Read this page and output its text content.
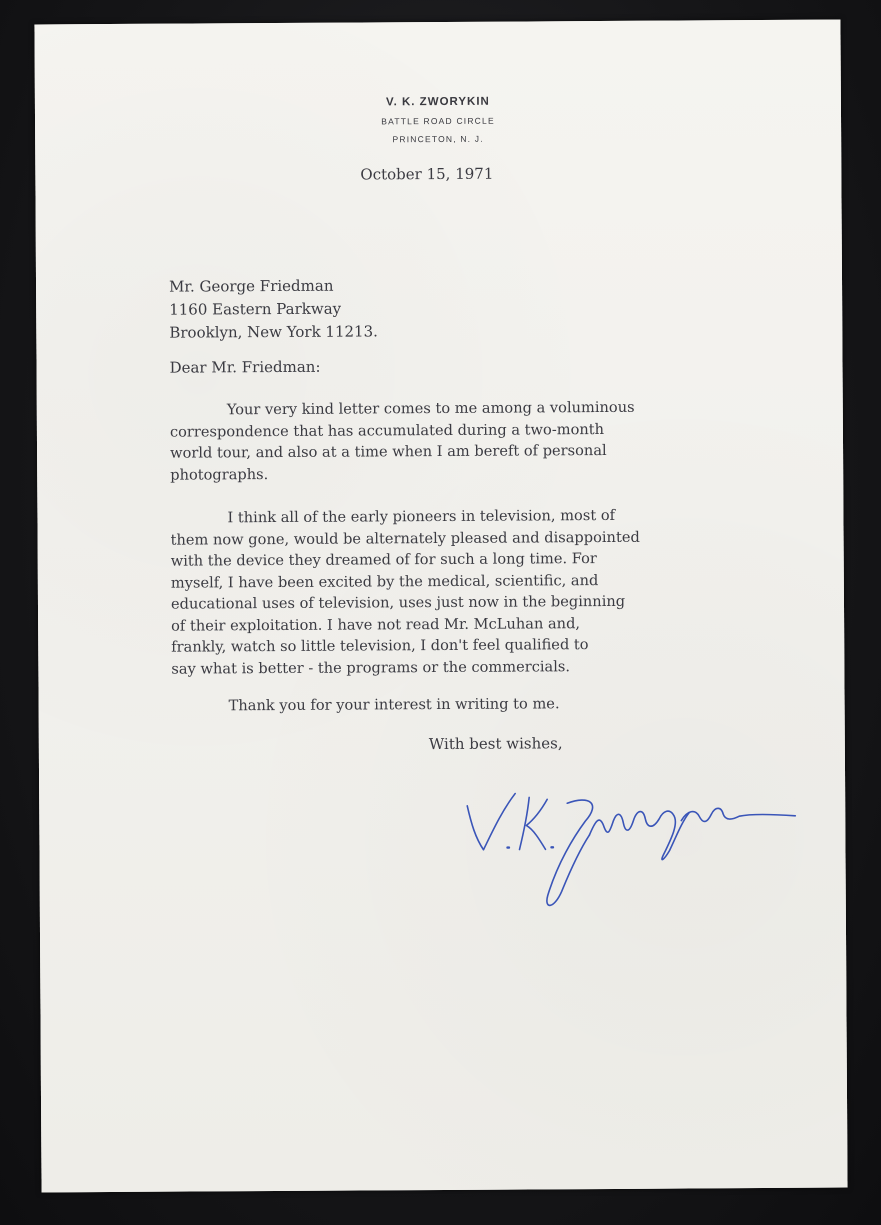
V. K. ZWORYKIN
BATTLE ROAD CIRCLE
PRINCETON, N. J.
October 15, 1971
Mr. George Friedman
1160 Eastern Parkway
Brooklyn, New York 11213.
Dear Mr. Friedman:
Your very kind letter comes to me among a voluminous
correspondence that has accumulated during a two-month
world tour, and also at a time when I am bereft of personal
photographs.
I think all of the early pioneers in television, most of
them now gone, would be alternately pleased and disappointed
with the device they dreamed of for such a long time. For
myself, I have been excited by the medical, scientific, and
educational uses of television, uses just now in the beginning
of their exploitation. I have not read Mr. McLuhan and,
frankly, watch so little television, I don't feel qualified to
say what is better - the programs or the commercials.
Thank you for your interest in writing to me.
With best wishes,
